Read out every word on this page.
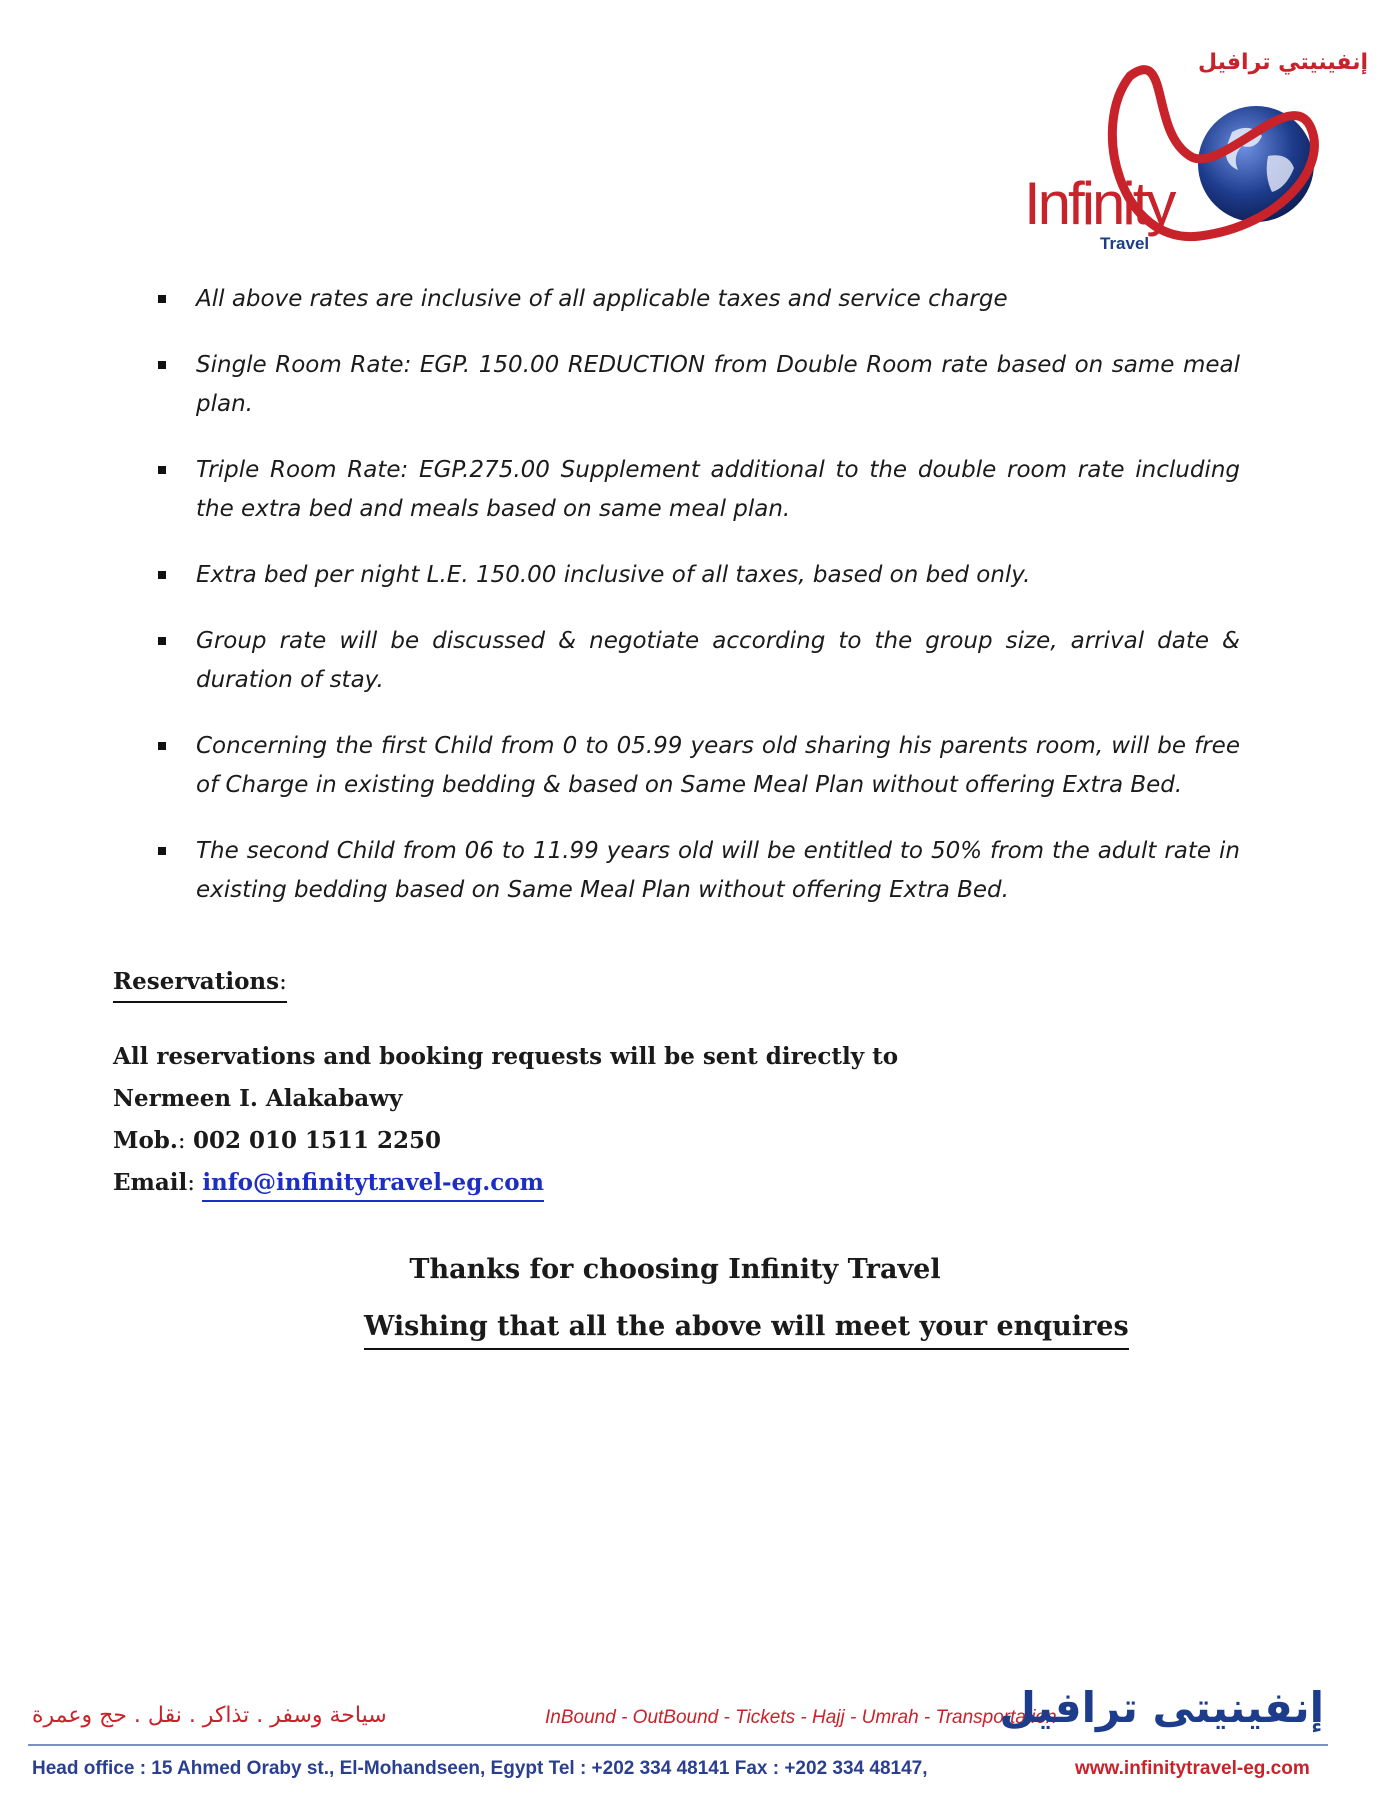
إنفينيتي ترافيل
Infinity
Travel
All above rates are inclusive of all applicable taxes and service charge
Single Room Rate: EGP. 150.00 REDUCTION from Double Room rate based on same meal plan.
Triple Room Rate: EGP.275.00 Supplement additional to the double room rate including the extra bed and meals based on same meal plan.
Extra bed per night L.E. 150.00 inclusive of all taxes, based on bed only.
Group rate will be discussed & negotiate according to the group size, arrival date & duration of stay.
Concerning the first Child from 0 to 05.99 years old sharing his parents room, will be free of Charge in existing bedding & based on Same Meal Plan without offering Extra Bed.
The second Child from 06 to 11.99 years old will be entitled to 50% from the adult rate in existing bedding based on Same Meal Plan without offering Extra Bed.
Reservations:
All reservations and booking requests will be sent directly to
Nermeen I. Alakabawy
Mob.: 002 010 1511 2250
Email: info@infinitytravel-eg.com
Thanks for choosing Infinity Travel
Wishing that all the above will meet your enquires
سياحة وسفر . تذاكر . نقل . حج وعمرة	InBound - OutBound - Tickets - Hajj - Umrah - Transportation
إنفينيتى ترافيل
Head office : 15 Ahmed Oraby st., El-Mohandseen, Egypt Tel : +202 334 48141 Fax : +202 334 48147,	www.infinitytravel-eg.com
